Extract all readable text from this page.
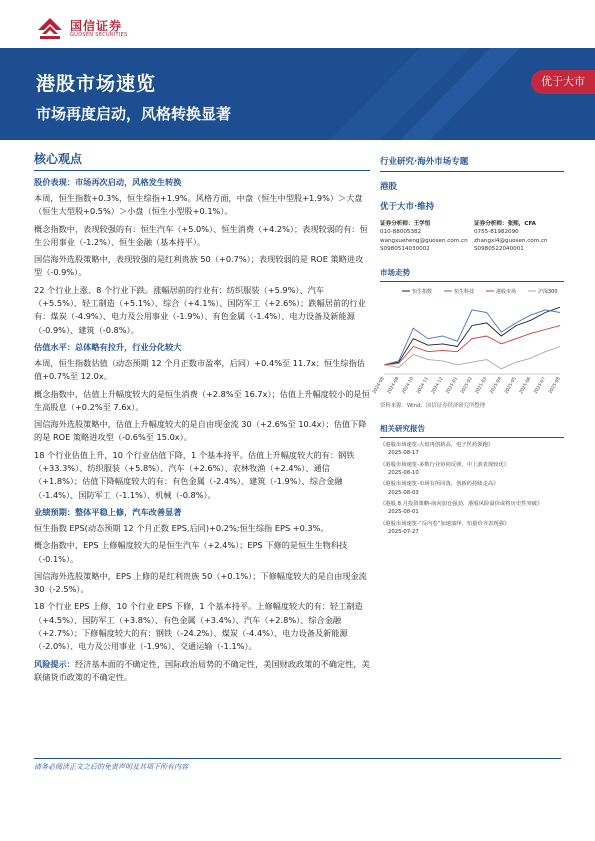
国信证券
GUOSEN SECURITIES
港股市场速览
市场再度启动，风格转换显著
优于大市
核心观点
股价表现：市场再次启动，风格发生转换
本周，恒生指数+0.3%，恒生综指+1.9%。风格方面，中盘（恒生中型股+1.9%）＞大盘（恒生大型股+0.5%）＞小盘（恒生小型股+0.1%）。
概念指数中，表现较强的有：恒生汽车（+5.0%）、恒生消费（+4.2%）；表现较弱的有：恒生公用事业（-1.2%）、恒生金融（基本持平）。
国信海外选股策略中，表现较强的是红利贵族 50（+0.7%）；表现较弱的是 ROE 策略进攻型（-0.9%）。
22 个行业上涨、8 个行业下跌。涨幅居前的行业有：纺织服装（+5.9%）、汽车（+5.5%）、轻工制造（+5.1%）、综合（+4.1%）、国防军工（+2.6%）；跌幅居前的行业有：煤炭（-4.9%）、电力及公用事业（-1.9%）、有色金属（-1.4%）、电力设备及新能源（-0.9%）、建筑（-0.8%）。
估值水平：总体略有拉升，行业分化较大
本周，恒生指数估值（动态预期 12 个月正数市盈率，后同）+0.4%至 11.7x；恒生综指估值+0.7%至 12.0x。
概念指数中，估值上升幅度较大的是恒生消费（+2.8%至 16.7x）；估值上升幅度较小的是恒生高股息（+0.2%至 7.6x）。
国信海外选股策略中，估值上升幅度较大的是自由现金流 30（+2.6%至 10.4x）；估值下降的是 ROE 策略进攻型（-0.6%至 15.0x）。
18 个行业估值上升，10 个行业估值下降，1 个基本持平。估值上升幅度较大的有：钢铁（+33.3%）、纺织服装（+5.8%）、汽车（+2.6%）、农林牧渔（+2.4%）、通信（+1.8%）；估值下降幅度较大的有：有色金属（-2.4%）、建筑（-1.9%）、综合金融（-1.4%）、国防军工（-1.1%）、机械（-0.8%）。
业绩预期：整体平稳上修，汽车改善显著
恒生指数 EPS(动态预期 12 个月正数 EPS,后同)+0.2%;恒生综指 EPS +0.3%。
概念指数中，EPS 上修幅度较大的是恒生汽车（+2.4%）；EPS 下修的是恒生生物科技（-0.1%）。
国信海外选股策略中，EPS 上修的是红利贵族 50（+0.1%）；下修幅度较大的是自由现金流 30（-2.5%）。
18 个行业 EPS 上修，10 个行业 EPS 下修，1 个基本持平。上修幅度较大的有：轻工制造（+4.5%）、国防军工（+3.8%）、有色金属（+3.4%）、汽车（+2.8%）、综合金融（+2.7%）；下修幅度较大的有：钢铁（-24.2%）、煤炭（-4.4%）、电力设备及新能源（-2.0%）、电力及公用事业（-1.9%）、交通运输（-1.1%）。
风险提示：经济基本面的不确定性，国际政治局势的不确定性，美国财政政策的不确定性，美联储货币政策的不确定性。
行业研究·海外市场专题
港股
优于大市·维持
证券分析师：王学恒
010-88005382
wangxueheng@guosen.com.cn
S0980514030002
证券分析师：张熙，CFA
0755-81982090
zhangxi4@guosen.com.cn
S0980522040001
市场走势
恒生指数	恒生科技	港股市场	沪深300
2024-08 2024-09 2024-10 2024-11 2024-12 2025-01 2025-02 2025-03 2025-04 2025-05 2025-06 2025-07 2025-08
资料来源：Wind、国信证券经济研究所整理
相关研究报告
《港股市场速览-大盘再创新高，电子医药领跑》
2025-08-17
《港股市场速览-多数行业协同反弹，中上游表现较优》
2025-08-10
《港股市场速览-市场有所回落，创新药持续走高》
2025-08-03
《港股 8 月投资策略-南向加仓强劲，港股风险溢价或将历史性突破》
2025-08-01
《港股市场速览-“反内卷”加速演绎，恒量价齐表现强》
2025-07-27
请务必阅读正文之后的免责声明及其项下所有内容
